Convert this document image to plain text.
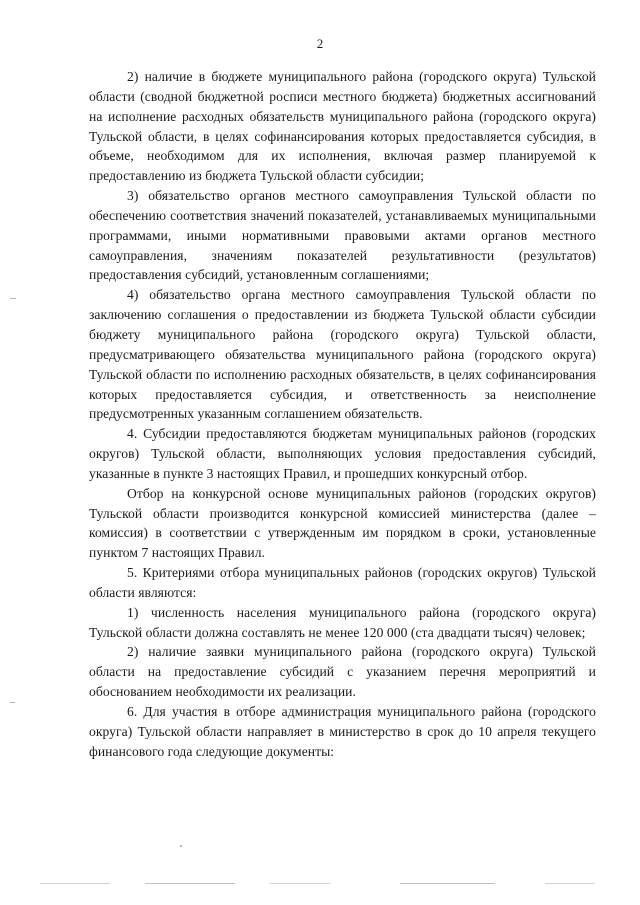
2

2) наличие в бюджете муниципального района (городского округа) Тульской области (сводной бюджетной росписи местного бюджета) бюджетных ассигнований на исполнение расходных обязательств муниципального района (городского округа) Тульской области, в целях софинансирования которых предоставляется субсидия, в объеме, необходимом для их исполнения, включая размер планируемой к предоставлению из бюджета Тульской области субсидии;

3) обязательство органов местного самоуправления Тульской области по обеспечению соответствия значений показателей, устанавливаемых муниципальными программами, иными нормативными правовыми актами органов местного самоуправления, значениям показателей результативности (результатов) предоставления субсидий, установленным соглашениями;

4) обязательство органа местного самоуправления Тульской области по заключению соглашения о предоставлении из бюджета Тульской области субсидии бюджету муниципального района (городского округа) Тульской области, предусматривающего обязательства муниципального района (городского округа) Тульской области по исполнению расходных обязательств, в целях софинансирования которых предоставляется субсидия, и ответственность за неисполнение предусмотренных указанным соглашением обязательств.

4. Субсидии предоставляются бюджетам муниципальных районов (городских округов) Тульской области, выполняющих условия предоставления субсидий, указанные в пункте 3 настоящих Правил, и прошедших конкурсный отбор.

Отбор на конкурсной основе муниципальных районов (городских округов) Тульской области производится конкурсной комиссией министерства (далее – комиссия) в соответствии с утвержденным им порядком в сроки, установленные пунктом 7 настоящих Правил.

5. Критериями отбора муниципальных районов (городских округов) Тульской области являются:

1) численность населения муниципального района (городского округа) Тульской области должна составлять не менее 120 000 (ста двадцати тысяч) человек;

2) наличие заявки муниципального района (городского округа) Тульской области на предоставление субсидий с указанием перечня мероприятий и обоснованием необходимости их реализации.

6. Для участия в отборе администрация муниципального района (городского округа) Тульской области направляет в министерство в срок до 10 апреля текущего финансового года следующие документы:
